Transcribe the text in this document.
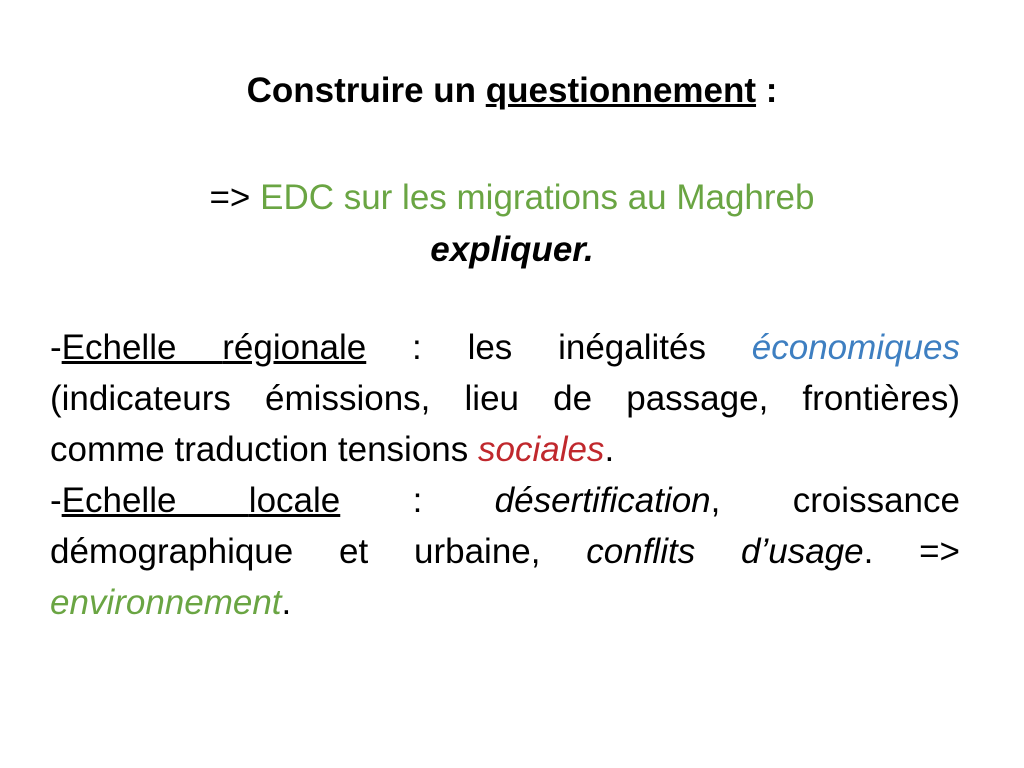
Construire un questionnement :
=> EDC sur les migrations au Maghreb
expliquer.
-Echelle régionale : les inégalités économiques (indicateurs émissions, lieu de passage, frontières) comme traduction tensions sociales.
-Echelle locale : désertification, croissance démographique et urbaine, conflits d’usage. => environnement.
